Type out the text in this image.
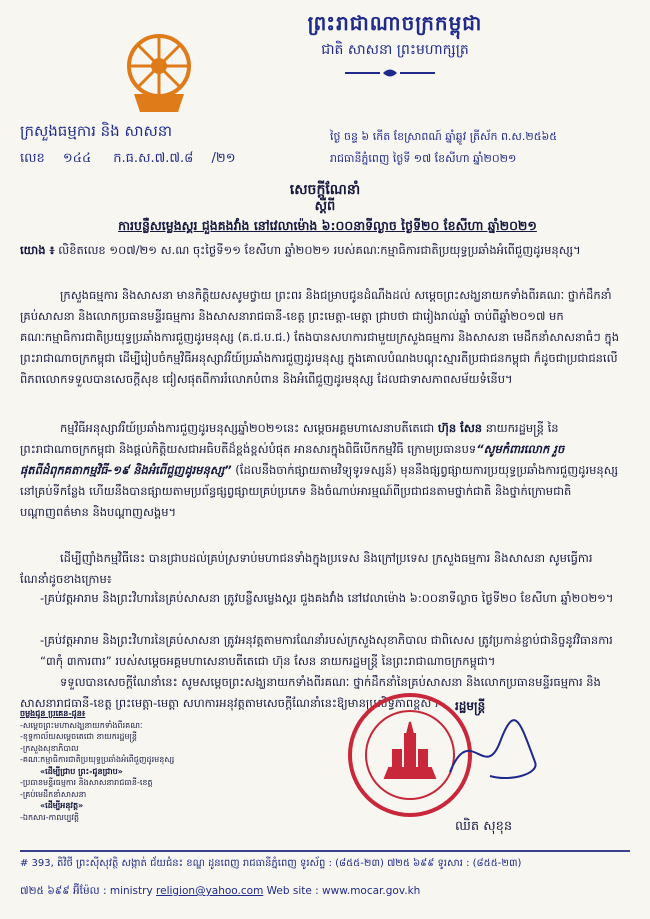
ព្រះរាជាណាចក្រកម្ពុជា
ជាតិ សាសនា ព្រះមហាក្សត្រ
ក្រសួងធម្មការ និង សាសនា
លេខ ១៤៤ ក.ធ.ស.៧.៧.៨ /២១
ថ្ងៃ ចន្ទ ៦ កើត ខែស្រាពណ៍ ឆ្នាំឆ្លូវ ត្រីស័ក ព.ស.២៥៦៥
រាជធានីភ្នំពេញ ថ្ងៃទី ១៧ ខែសីហា ឆ្នាំ២០២១
សេចក្ដីណែនាំ
ស្ដីពី
ការបន្លឺសម្លេងស្គរ ជួងគងវាំង នៅវេលាម៉ោង ៦:០០នាទីល្ងាច ថ្ងៃទី២០ ខែសីហា ឆ្នាំ២០២១
យោង ៖ លិខិតលេខ ១០៧/២១ ស.ណ ចុះថ្ងៃទី១១ ខែសីហា ឆ្នាំ២០២១ របស់គណៈកម្មាធិការជាតិប្រយុទ្ធប្រឆាំងអំពើជួញដូរមនុស្ស។
ក្រសួងធម្មការ និងសាសនា មានកិត្តិយសសូមថ្វាយ ព្រះពរ និងជម្រាបជូនដំណឹងដល់ សម្ដេចព្រះសង្ឃនាយកទាំងពីរគណៈ ថ្នាក់ដឹកនាំគ្រប់សាសនា និងលោកប្រធានមន្ទីរធម្មការ និងសាសនារាជធានី-ខេត្ត ព្រះមេត្តា-មេត្តា ជ្រាបថា ជារៀងរាល់ឆ្នាំ ចាប់ពីឆ្នាំ២០១៧ មក គណៈកម្មាធិការជាតិប្រយុទ្ធប្រឆាំងការជួញដូរមនុស្ស (គ.ជ.ប.ជ.) តែងបានសហការជាមួយក្រសួងធម្មការ និងសាសនា មេដឹកនាំសាសនាធំៗ ក្នុងព្រះរាជាណាចក្រកម្ពុជា ដើម្បីរៀបចំកម្មវិធីអនុស្សាវរីយ៍ប្រឆាំងការជួញដូរមនុស្ស ក្នុងគោលបំណងបណ្ដុះស្មារតីប្រជាជនកម្ពុជា ក៏ដូចជាប្រជាជនលើពិភពលោកទទួលបានសេចក្ដីសុខ ជៀសផុតពីការរំលោភបំពាន និងអំពើជួញដូរមនុស្ស ដែលជាទាសភាពសម័យទំនើប។
កម្មវិធីអនុស្សាវរីយ៍ប្រឆាំងការជួញដូរមនុស្សឆ្នាំ២០២១នេះ សម្ដេចអគ្គមហាសេនាបតីតេជោ ហ៊ុន សែន នាយករដ្ឋមន្ត្រី នៃព្រះរាជាណាចក្រកម្ពុជា និងផ្ដល់កិត្តិយសជាអធិបតីដ៏ខ្ពង់ខ្ពស់បំផុត អានសារក្នុងពិធីបើកកម្មវិធី ក្រោមប្រធានបទ“សូមកំពារលោក រួចផុតពីដំពុកគតាកម្មវិធី-១៩ និងអំពើជួញដូរមនុស្ស” (ដែលនឹងចាក់ផ្សាយតាមវិទ្យុទូរទស្សន៍) មុននឹងផ្សព្វផ្សាយការប្រយុទ្ធប្រឆាំងការជួញដូរមនុស្សនៅគ្រប់ទីកន្លែង ហើយនឹងបានផ្សាយតាមប្រព័ន្ធផ្សព្វផ្សាយគ្រប់ប្រភេទ និងចំណាប់អារម្មណ៍ពីប្រជាជនតាមថ្នាក់ជាតិ និងថ្នាក់ក្រោមជាតិ បណ្ដាញពត៌មាន និងបណ្ដាញសង្គម។
ដើម្បីញ៉ាំងកម្មវិធីនេះ បានជ្រាបដល់គ្រប់ស្រទាប់មហាជនទាំងក្នុងប្រទេស និងក្រៅប្រទេស ក្រសួងធម្មការ និងសាសនា សូមធ្វើការណែនាំដូចខាងក្រោម៖
-គ្រប់វត្តអារាម និងព្រះវិហារនៃគ្រប់សាសនា ត្រូវបន្លឺសម្លេងស្គរ ជួងគងវាំង នៅវេលាម៉ោង ៦:០០នាទីល្ងាច ថ្ងៃទី២០ ខែសីហា ឆ្នាំ២០២១។
-គ្រប់វត្តអារាម និងព្រះវិហារនៃគ្រប់សាសនា ត្រូវអនុវត្តតាមការណែនាំរបស់ក្រសួងសុខាភិបាល ជាពិសេស ត្រូវប្រកាន់ខ្ជាប់ជានិច្ចនូវវិធានការ “៣កុំ ៣ការពារ” របស់សម្ដេចអគ្គមហាសេនាបតីតេជោ ហ៊ុន សែន នាយករដ្ឋមន្ត្រី នៃព្រះរាជាណាចក្រកម្ពុជា។
ទទួលបានសេចក្ដីណែនាំនេះ សូមសម្ដេចព្រះសង្ឃនាយកទាំងពីរគណៈ ថ្នាក់ដឹកនាំនៃគ្រប់សាសនា និងលោកប្រធានមន្ទីរធម្មការ និងសាសនារាជធានី-ខេត្ត ព្រះមេត្តា-មេត្តា សហការអនុវត្តតាមសេចក្ដីណែនាំនេះឱ្យមានប្រសិទ្ធភាពខ្ពស់។
ចម្លងជូន ប្រគេន-ជូន៖
-សម្ដេចព្រះមហាសង្ឃនាយកទាំងពីរគណៈ
-ខុទ្ទកាល័យសម្ដេចតេជោ នាយករដ្ឋមន្ត្រី
-ក្រសួងសុខាភិបាល
-គណៈកម្មាធិការជាតិប្រយុទ្ធប្រឆាំងអំពើជួញដូរមនុស្ស
«ដើម្បីជ្រាប ព្រះ-ជូនជ្រាប»
-ប្រធានមន្ទីរធម្មការ និងសាសនារាជធានី-ខេត្ត
-គ្រប់មេដឹកនាំសាសនា
«ដើម្បីអនុវត្ត»
-ឯកសារ-កាលប្បវត្តិ
រដ្ឋមន្ត្រី
ឈិត សុខុន
# 393, តិវិថី ព្រះស៊ីសុវត្ថិ សង្កាត់ ជ័យជំនះ ខណ្ឌ ដូនពេញ រាជធានីភ្នំពេញ ទូរស័ព្ទ : (៨៥៥-២៣) ៧២៥ ៦៩៩ ទូរសារ : (៨៥៥-២៣)
៧២៥ ៦៩៩ អ៊ីម៉ែល : ministry religion@yahoo.com Web site : www.mocar.gov.kh
